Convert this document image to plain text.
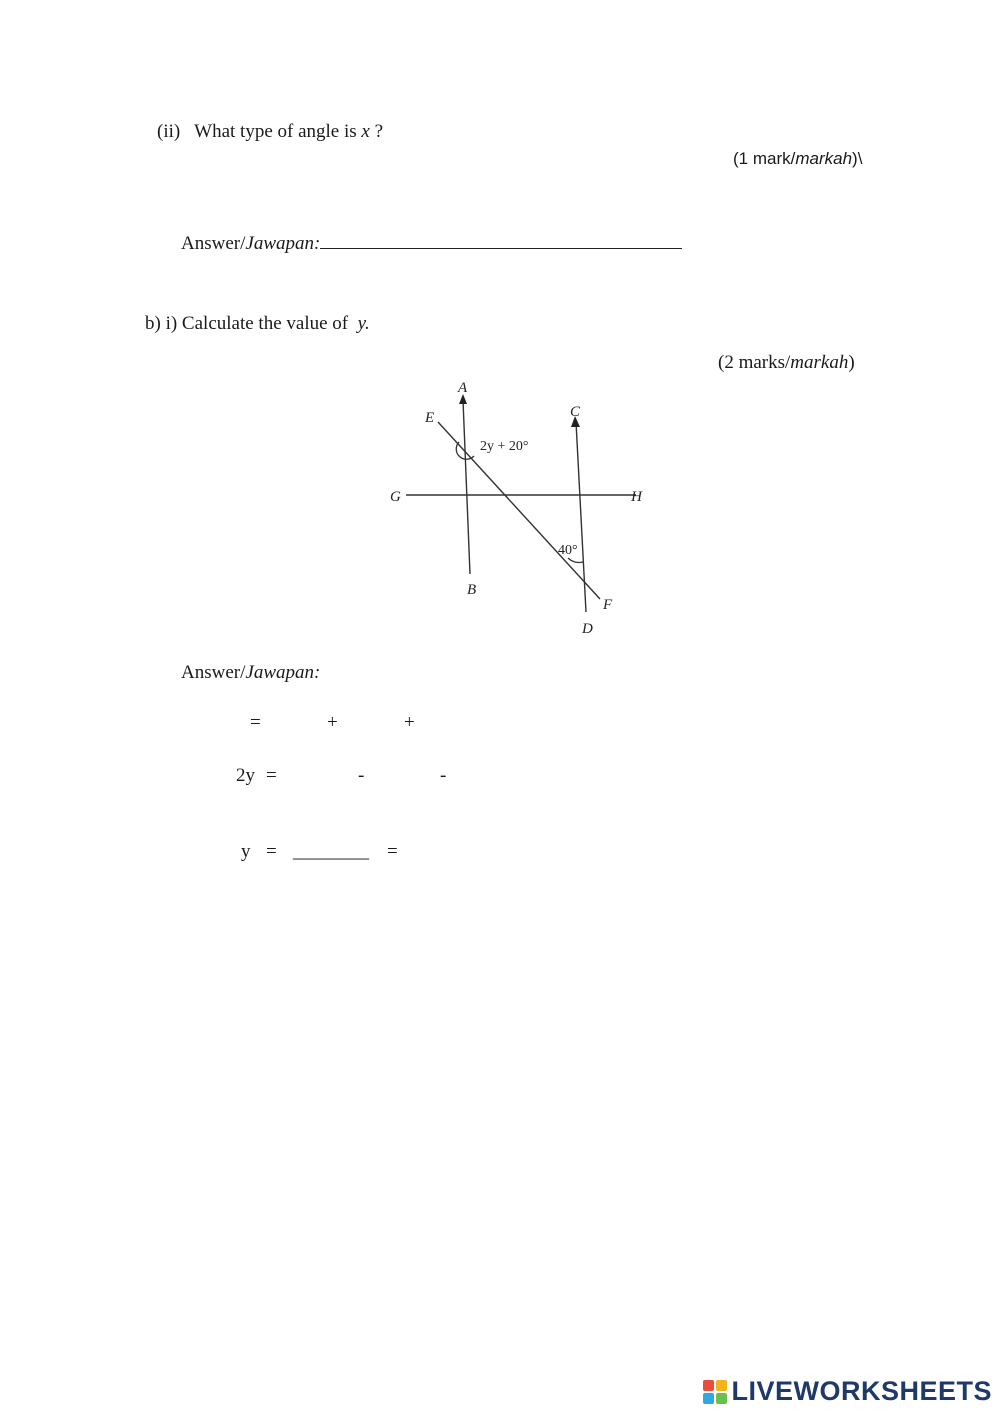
(ii) What type of angle is x ?
(1 mark/markah)\
Answer/Jawapan:
b) i) Calculate the value of y.
(2 marks/markah)
A
B
C
D
E
F
G	H
2y + 20°
40°
Answer/Jawapan:
=	+	+
2y =	-	-
y = ________ =
LIVEWORKSHEETS
